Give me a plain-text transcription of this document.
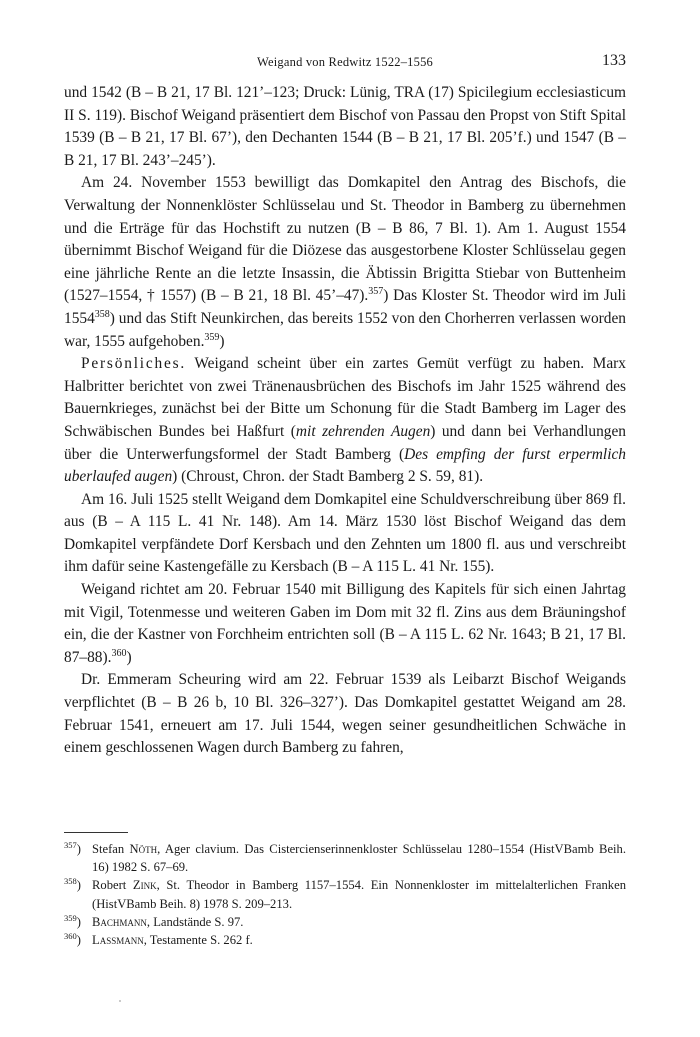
Weigand von Redwitz 1522–1556	133

und 1542 (B – B 21, 17 Bl. 121’–123; Druck: Lünig, TRA (17) Spicilegium ecclesiasticum II S. 119). Bischof Weigand präsentiert dem Bischof von Passau den Propst von Stift Spital 1539 (B – B 21, 17 Bl. 67’), den Dechanten 1544 (B – B 21, 17 Bl. 205’f.) und 1547 (B – B 21, 17 Bl. 243’–245’).

Am 24. November 1553 bewilligt das Domkapitel den Antrag des Bischofs, die Verwaltung der Nonnenklöster Schlüsselau und St. Theodor in Bamberg zu übernehmen und die Erträge für das Hochstift zu nutzen (B – B 86, 7 Bl. 1). Am 1. August 1554 übernimmt Bischof Weigand für die Diözese das ausgestorbene Kloster Schlüsselau gegen eine jährliche Rente an die letzte Insassin, die Äbtissin Brigitta Stiebar von Buttenheim (1527–1554, † 1557) (B – B 21, 18 Bl. 45’–47).$^{357}$) Das Kloster St. Theodor wird im Juli 1554$^{358}$) und das Stift Neunkirchen, das bereits 1552 von den Chorherren verlassen worden war, 1555 aufgehoben.$^{359}$)

Persönliches. Weigand scheint über ein zartes Gemüt verfügt zu haben. Marx Halbritter berichtet von zwei Tränenausbrüchen des Bischofs im Jahr 1525 während des Bauernkrieges, zunächst bei der Bitte um Schonung für die Stadt Bamberg im Lager des Schwäbischen Bundes bei Haßfurt (mit zehrenden Augen) und dann bei Verhandlungen über die Unterwerfungsformel der Stadt Bamberg (Des empfing der furst erpermlich uberlaufed augen) (Chroust, Chron. der Stadt Bamberg 2 S. 59, 81).

Am 16. Juli 1525 stellt Weigand dem Domkapitel eine Schuldverschreibung über 869 fl. aus (B – A 115 L. 41 Nr. 148). Am 14. März 1530 löst Bischof Weigand das dem Domkapitel verpfändete Dorf Kersbach und den Zehnten um 1800 fl. aus und verschreibt ihm dafür seine Kastengefälle zu Kersbach (B – A 115 L. 41 Nr. 155).

Weigand richtet am 20. Februar 1540 mit Billigung des Kapitels für sich einen Jahrtag mit Vigil, Totenmesse und weiteren Gaben im Dom mit 32 fl. Zins aus dem Bräuningshof ein, die der Kastner von Forchheim entrichten soll (B – A 115 L. 62 Nr. 1643; B 21, 17 Bl. 87–88).$^{360}$)

Dr. Emmeram Scheuring wird am 22. Februar 1539 als Leibarzt Bischof Weigands verpflichtet (B – B 26 b, 10 Bl. 326–327’). Das Domkapitel gestattet Weigand am 28. Februar 1541, erneuert am 17. Juli 1544, wegen seiner gesundheitlichen Schwäche in einem geschlossenen Wagen durch Bamberg zu fahren,

$^{357}$) Stefan Nöth, Ager clavium. Das Cistercienserinnenkloster Schlüsselau 1280–1554 (HistVBamb Beih. 16) 1982 S. 67–69.
$^{358}$) Robert Zink, St. Theodor in Bamberg 1157–1554. Ein Nonnenkloster im mittelalterlichen Franken (HistVBamb Beih. 8) 1978 S. 209–213.
$^{359}$) Bachmann, Landstände S. 97.
$^{360}$) Lassmann, Testamente S. 262 f.
